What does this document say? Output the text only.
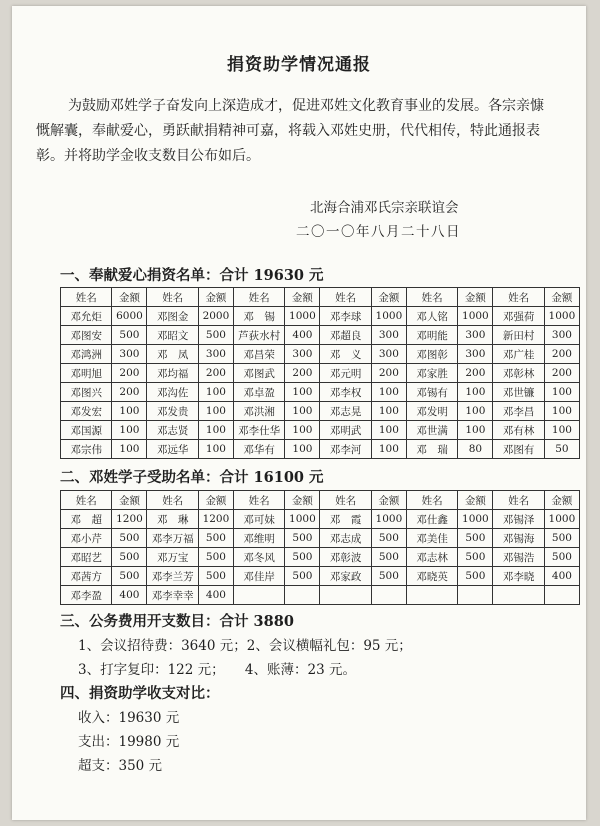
捐资助学情况通报
为鼓励邓姓学子奋发向上深造成才，促进邓姓文化教育事业的发展。各宗亲慷慨解囊，奉献爱心，勇跃献捐精神可嘉，将载入邓姓史册，代代相传，特此通报表彰。并将助学金收支数目公布如后。
北海合浦邓氏宗亲联谊会
二〇一〇年八月二十八日
一、奉献爱心捐资名单：合计 19630 元
姓名	金额	姓名	金额	姓名	金额	姓名	金额	姓名	金额	姓名	金额
邓允炬	6000	邓图金	2000	邓　锡	1000	邓李球	1000	邓人铭	1000	邓强荷	1000
邓图安	500	邓昭文	500	芦荻水村	400	邓超良	300	邓明能	300	新田村	300
邓鸿洲	300	邓　凤	300	邓昌荣	300	邓　义	300	邓图彰	300	邓广桂	200
邓明旭	200	邓均福	200	邓图武	200	邓元明	200	邓家胜	200	邓彰林	200
邓图兴	200	邓沟佐	100	邓卓盈	100	邓李权	100	邓锡有	100	邓世镰	100
邓发宏	100	邓发贵	100	邓洪湘	100	邓志晃	100	邓发明	100	邓李昌	100
邓国源	100	邓志贤	100	邓李仕华	100	邓明武	100	邓世满	100	邓有林	100
邓宗伟	100	邓远华	100	邓华有	100	邓李河	100	邓　瑞	80	邓图有	50
二、邓姓学子受助名单：合计 16100 元
姓名	金额	姓名	金额	姓名	金额	姓名	金额	姓名	金额	姓名	金额
邓　超	1200	邓　琳	1200	邓可妹	1000	邓　霞	1000	邓仕鑫	1000	邓锡泽	1000
邓小芹	500	邓李万福	500	邓维明	500	邓志成	500	邓美佳	500	邓锡海	500
邓昭艺	500	邓万宝	500	邓冬风	500	邓彰波	500	邓志林	500	邓锡浩	500
邓茜方	500	邓李兰芳	500	邓佳岸	500	邓家政	500	邓晓英	500	邓李晓	400
邓李盈	400	邓李幸幸	400								
三、公务费用开支数目：合计 3880
1、会议招待费：3640 元；2、会议横幅礼包：95 元；
3、打字复印：122 元；　　4、账薄：23 元。
四、捐资助学收支对比：
收入：19630 元
支出：19980 元
超支：350 元
